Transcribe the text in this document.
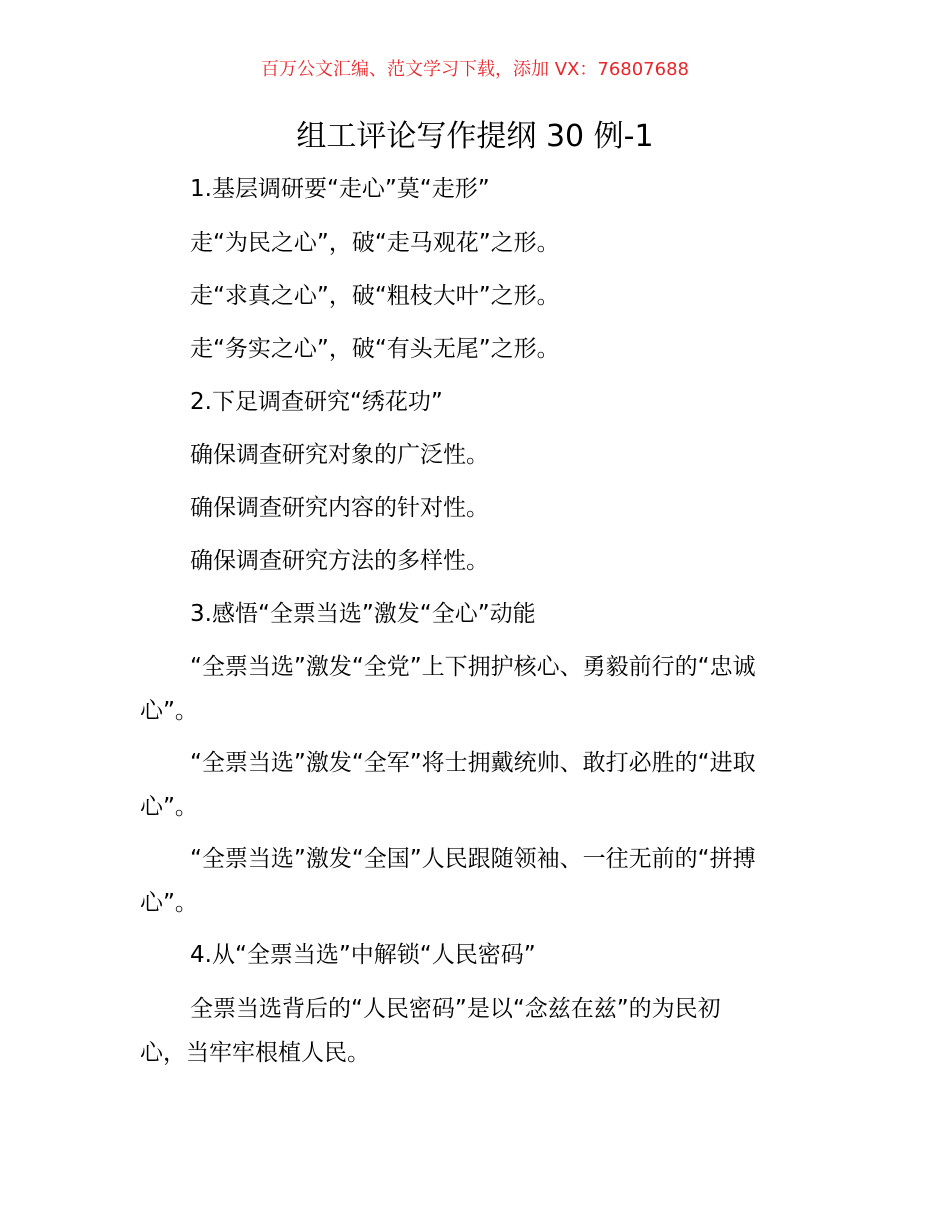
百万公文汇编、范文学习下载，添加 VX：76807688
组工评论写作提纲 30 例-1
1.基层调研要“走心”莫“走形”
走“为民之心”，破“走马观花”之形。
走“求真之心”，破“粗枝大叶”之形。
走“务实之心”，破“有头无尾”之形。
2.下足调查研究“绣花功”
确保调查研究对象的广泛性。
确保调查研究内容的针对性。
确保调查研究方法的多样性。
3.感悟“全票当选”激发“全心”动能
“全票当选”激发“全党”上下拥护核心、勇毅前行的“忠诚
心”。
“全票当选”激发“全军”将士拥戴统帅、敢打必胜的“进取
心”。
“全票当选”激发“全国”人民跟随领袖、一往无前的“拼搏
心”。
4.从“全票当选”中解锁“人民密码”
全票当选背后的“人民密码”是以“念兹在兹”的为民初
心，当牢牢根植人民。
